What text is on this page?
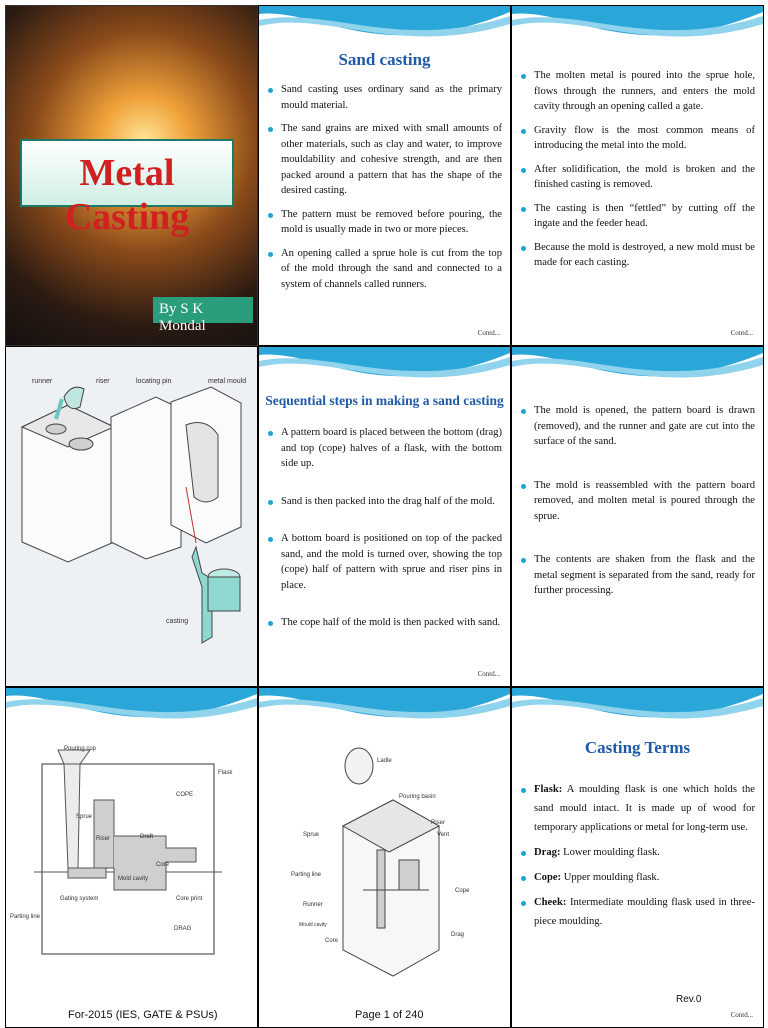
Metal Casting
By S K Mondal
Sand casting
Sand casting uses ordinary sand as the primary mould material.
The sand grains are mixed with small amounts of other materials, such as clay and water, to improve mouldability and cohesive strength, and are then packed around a pattern that has the shape of the desired casting.
The pattern must be removed before pouring, the mold is usually made in two or more pieces.
An opening called a sprue hole is cut from the top of the mold through the sand and connected to a system of channels called runners.
Contd...
The molten metal is poured into the sprue hole, flows through the runners, and enters the mold cavity through an opening called a gate.
Gravity flow is the most common means of introducing the metal into the mold.
After solidification, the mold is broken and the finished casting is removed.
The casting is then “fettled” by cutting off the ingate and the feeder head.
Because the mold is destroyed, a new mold must be made for each casting.
Contd...
runner	riser	locating pin	metal mould
casting
Sequential steps in making a sand casting
A pattern board is placed between the bottom (drag) and top (cope) halves of a flask, with the bottom side up.
Sand is then packed into the drag half of the mold.
A bottom board is positioned on top of the packed sand, and the mold is turned over, showing the top (cope) half of pattern with sprue and riser pins in place.
The cope half of the mold is then packed with sand.
Contd...
The mold is opened, the pattern board is drawn (removed), and the runner and gate are cut into the surface of the sand.
The mold is reassembled with the pattern board removed, and molten metal is poured through the sprue.
The contents are shaken from the flask and the metal segment is separated from the sand, ready for further processing.
Pouring cup
Flask
COPE
Sprue
Riser	Draft
Core
Mold cavity
Gating system	Core print
Parting line
DRAG
For-2015 (IES, GATE & PSUs)
Ladle
Pouring basin
Riser
Vent
Sprue
Parting line
Runner
Mould cavity
Core
Cope
Drag
Page 1 of 240
Casting Terms
Flask: A moulding flask is one which holds the sand mould intact. It is made up of wood for temporary applications or metal for long-term use.
Drag: Lower moulding flask.
Cope: Upper moulding flask.
Cheek: Intermediate moulding flask used in three-piece moulding.
Rev.0
Contd...
